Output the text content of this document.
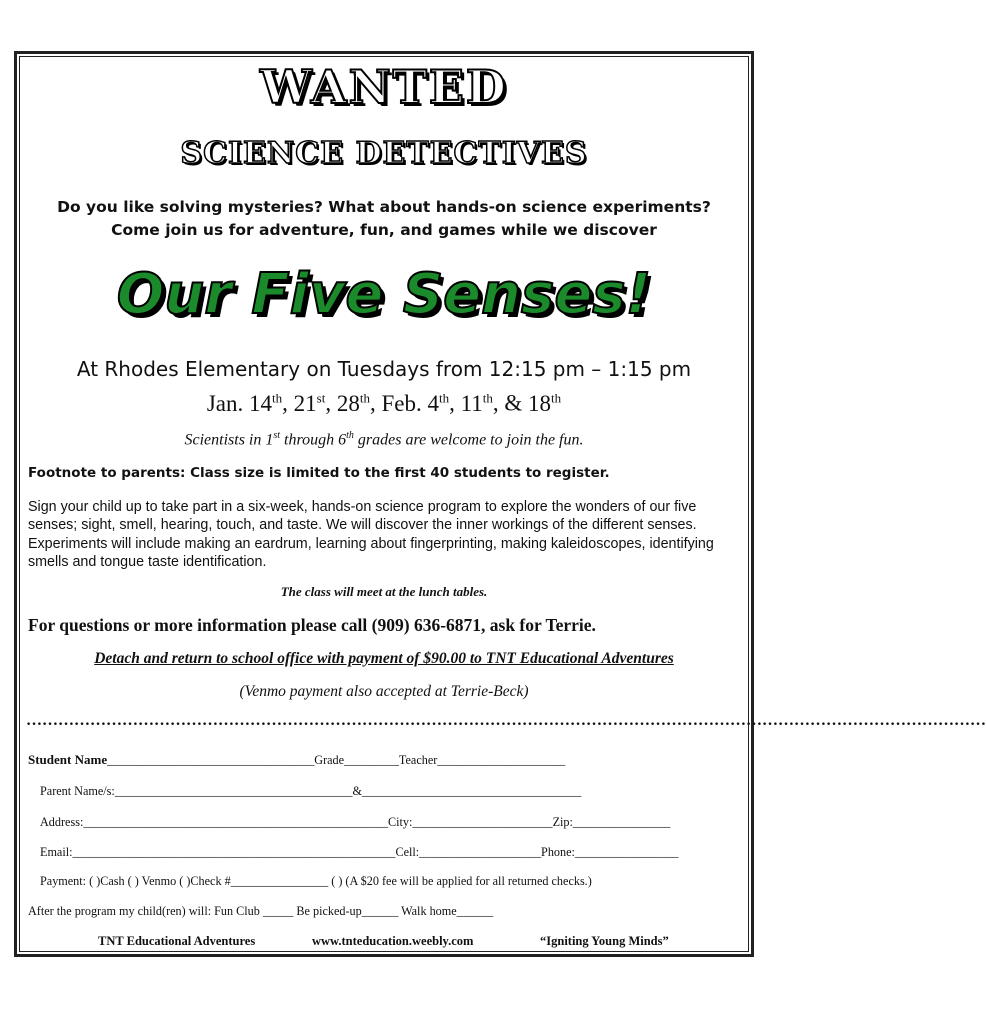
WANTED
SCIENCE DETECTIVES
Do you like solving mysteries? What about hands-on science experiments?
Come join us for adventure, fun, and games while we discover
Our Five Senses!
At Rhodes Elementary on Tuesdays from 12:15 pm – 1:15 pm
Jan. 14th, 21st, 28th, Feb. 4th, 11th, & 18th
Scientists in 1st through 6th grades are welcome to join the fun.
Footnote to parents: Class size is limited to the first 40 students to register.
Sign your child up to take part in a six-week, hands-on science program to explore the wonders of our five senses; sight, smell, hearing, touch, and taste. We will discover the inner workings of the different senses. Experiments will include making an eardrum, learning about fingerprinting, making kaleidoscopes, identifying smells and tongue taste identification.
The class will meet at the lunch tables.
For questions or more information please call (909) 636-6871, ask for Terrie.
Detach and return to school office with payment of $90.00 to TNT Educational Adventures
(Venmo payment also accepted at Terrie-Beck)
………………………………………………………………………………………………………………………………………………………………
Student Name__________________________________Grade_________Teacher_____________________
Parent Name/s:_______________________________________&____________________________________
Address:__________________________________________________City:_______________________Zip:________________
Email:_____________________________________________________Cell:____________________Phone:_________________
Payment: ( )Cash ( ) Venmo ( )Check #________________ ( ) (A $20 fee will be applied for all returned checks.)
After the program my child(ren) will: Fun Club _____ Be picked-up______ Walk home______
TNT Educational Adventures	www.tnteducation.weebly.com	“Igniting Young Minds”
